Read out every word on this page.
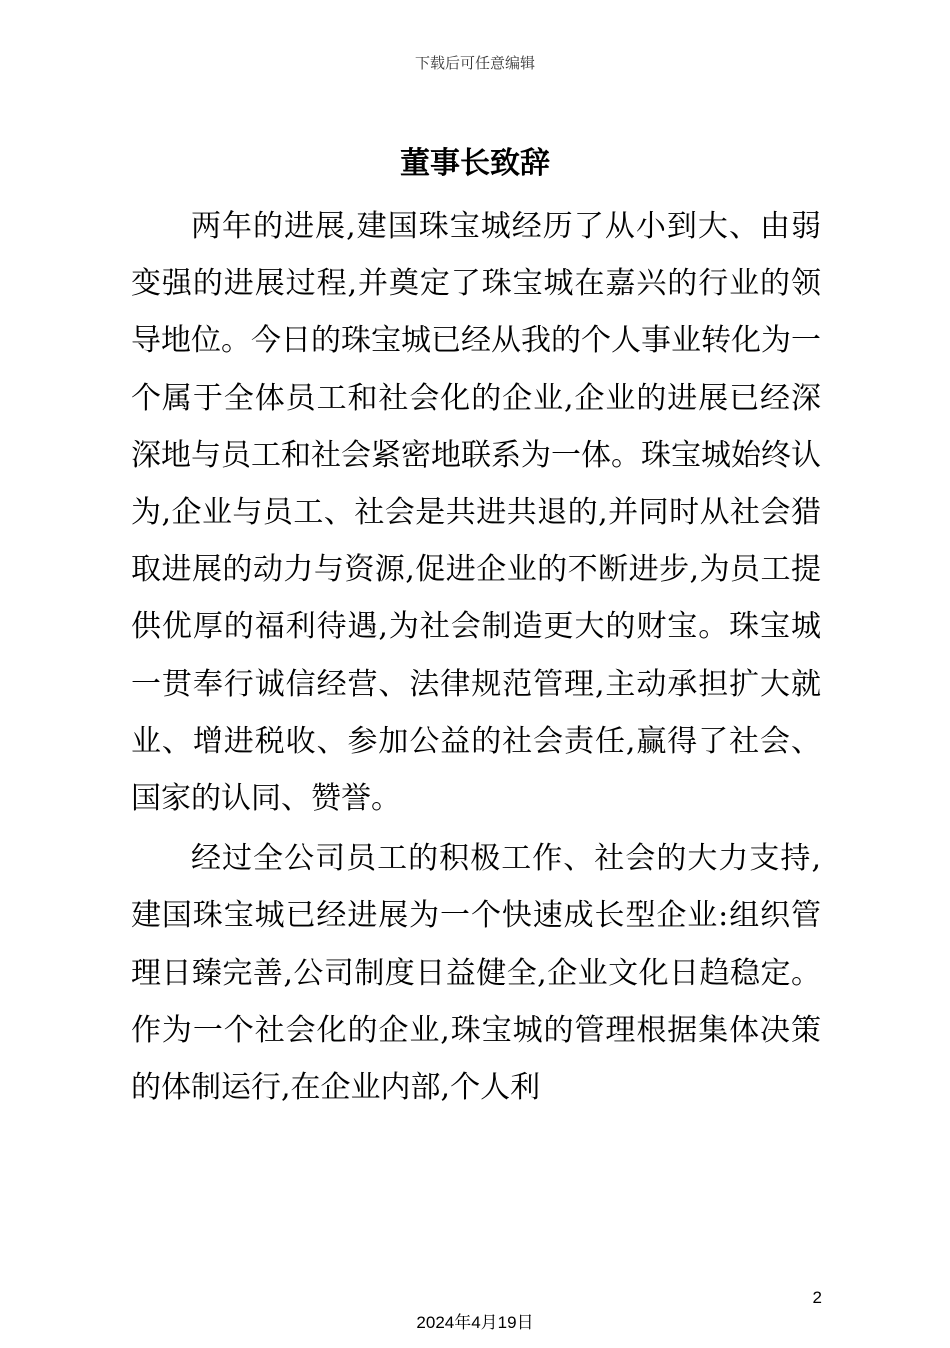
下载后可任意编辑
董事长致辞

两年的进展,建国珠宝城经历了从小到大、由弱变强的进展过程,并奠定了珠宝城在嘉兴的行业的领导地位。今日的珠宝城已经从我的个人事业转化为一个属于全体员工和社会化的企业,企业的进展已经深深地与员工和社会紧密地联系为一体。珠宝城始终认为,企业与员工、社会是共进共退的,并同时从社会猎取进展的动力与资源,促进企业的不断进步,为员工提供优厚的福利待遇,为社会制造更大的财宝。珠宝城一贯奉行诚信经营、法律规范管理,主动承担扩大就业、增进税收、参加公益的社会责任,赢得了社会、国家的认同、赞誉。

经过全公司员工的积极工作、社会的大力支持,建国珠宝城已经进展为一个快速成长型企业:组织管理日臻完善,公司制度日益健全,企业文化日趋稳定。作为一个社会化的企业,珠宝城的管理根据集体决策的体制运行,在企业内部,个人利

2
2024年4月19日
